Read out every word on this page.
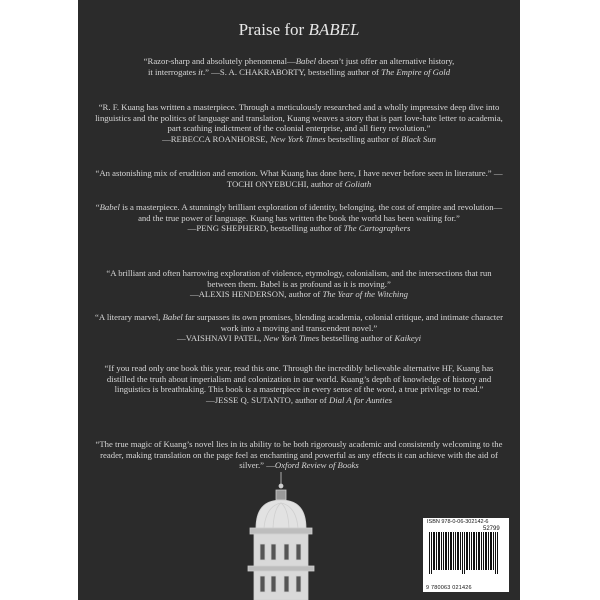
Praise for BABEL
“Razor-sharp and absolutely phenomenal—Babel doesn’t just offer an alternative history,
it interrogates it.” —S. A. CHAKRABORTY, bestselling author of The Empire of Gold
“R. F. Kuang has written a masterpiece. Through a meticulously researched and a wholly impressive deep dive into linguistics and the politics of language and translation, Kuang weaves a story that is part love-hate letter to academia, part scathing indictment of the colonial enterprise, and all fiery revolution.”
—REBECCA ROANHORSE, New York Times bestselling author of Black Sun
“An astonishing mix of erudition and emotion. What Kuang has done here, I have never before seen in literature.” —TOCHI ONYEBUCHI, author of Goliath
“Babel is a masterpiece. A stunningly brilliant exploration of identity, belonging, the cost of empire and revolution—and the true power of language. Kuang has written the book the world has been waiting for.”
—PENG SHEPHERD, bestselling author of The Cartographers
“A brilliant and often harrowing exploration of violence, etymology, colonialism, and the intersections that run between them. Babel is as profound as it is moving.”
—ALEXIS HENDERSON, author of The Year of the Witching
“A literary marvel, Babel far surpasses its own promises, blending academia, colonial critique, and intimate character work into a moving and transcendent novel.”
—VAISHNAVI PATEL, New York Times bestselling author of Kaikeyi
“If you read only one book this year, read this one. Through the incredibly believable alternative HF, Kuang has distilled the truth about imperialism and colonization in our world. Kuang’s depth of knowledge of history and linguistics is breathtaking. This book is a masterpiece in every sense of the word, a true privilege to read.”
—JESSE Q. SUTANTO, author of Dial A for Aunties
“The true magic of Kuang’s novel lies in its ability to be both rigorously academic and consistently welcoming to the reader, making translation on the page feel as enchanting and powerful as any effects it can achieve with the aid of silver.” —Oxford Review of Books
ISBN 978-0-06-302142-6
52799
9 780063 021426
